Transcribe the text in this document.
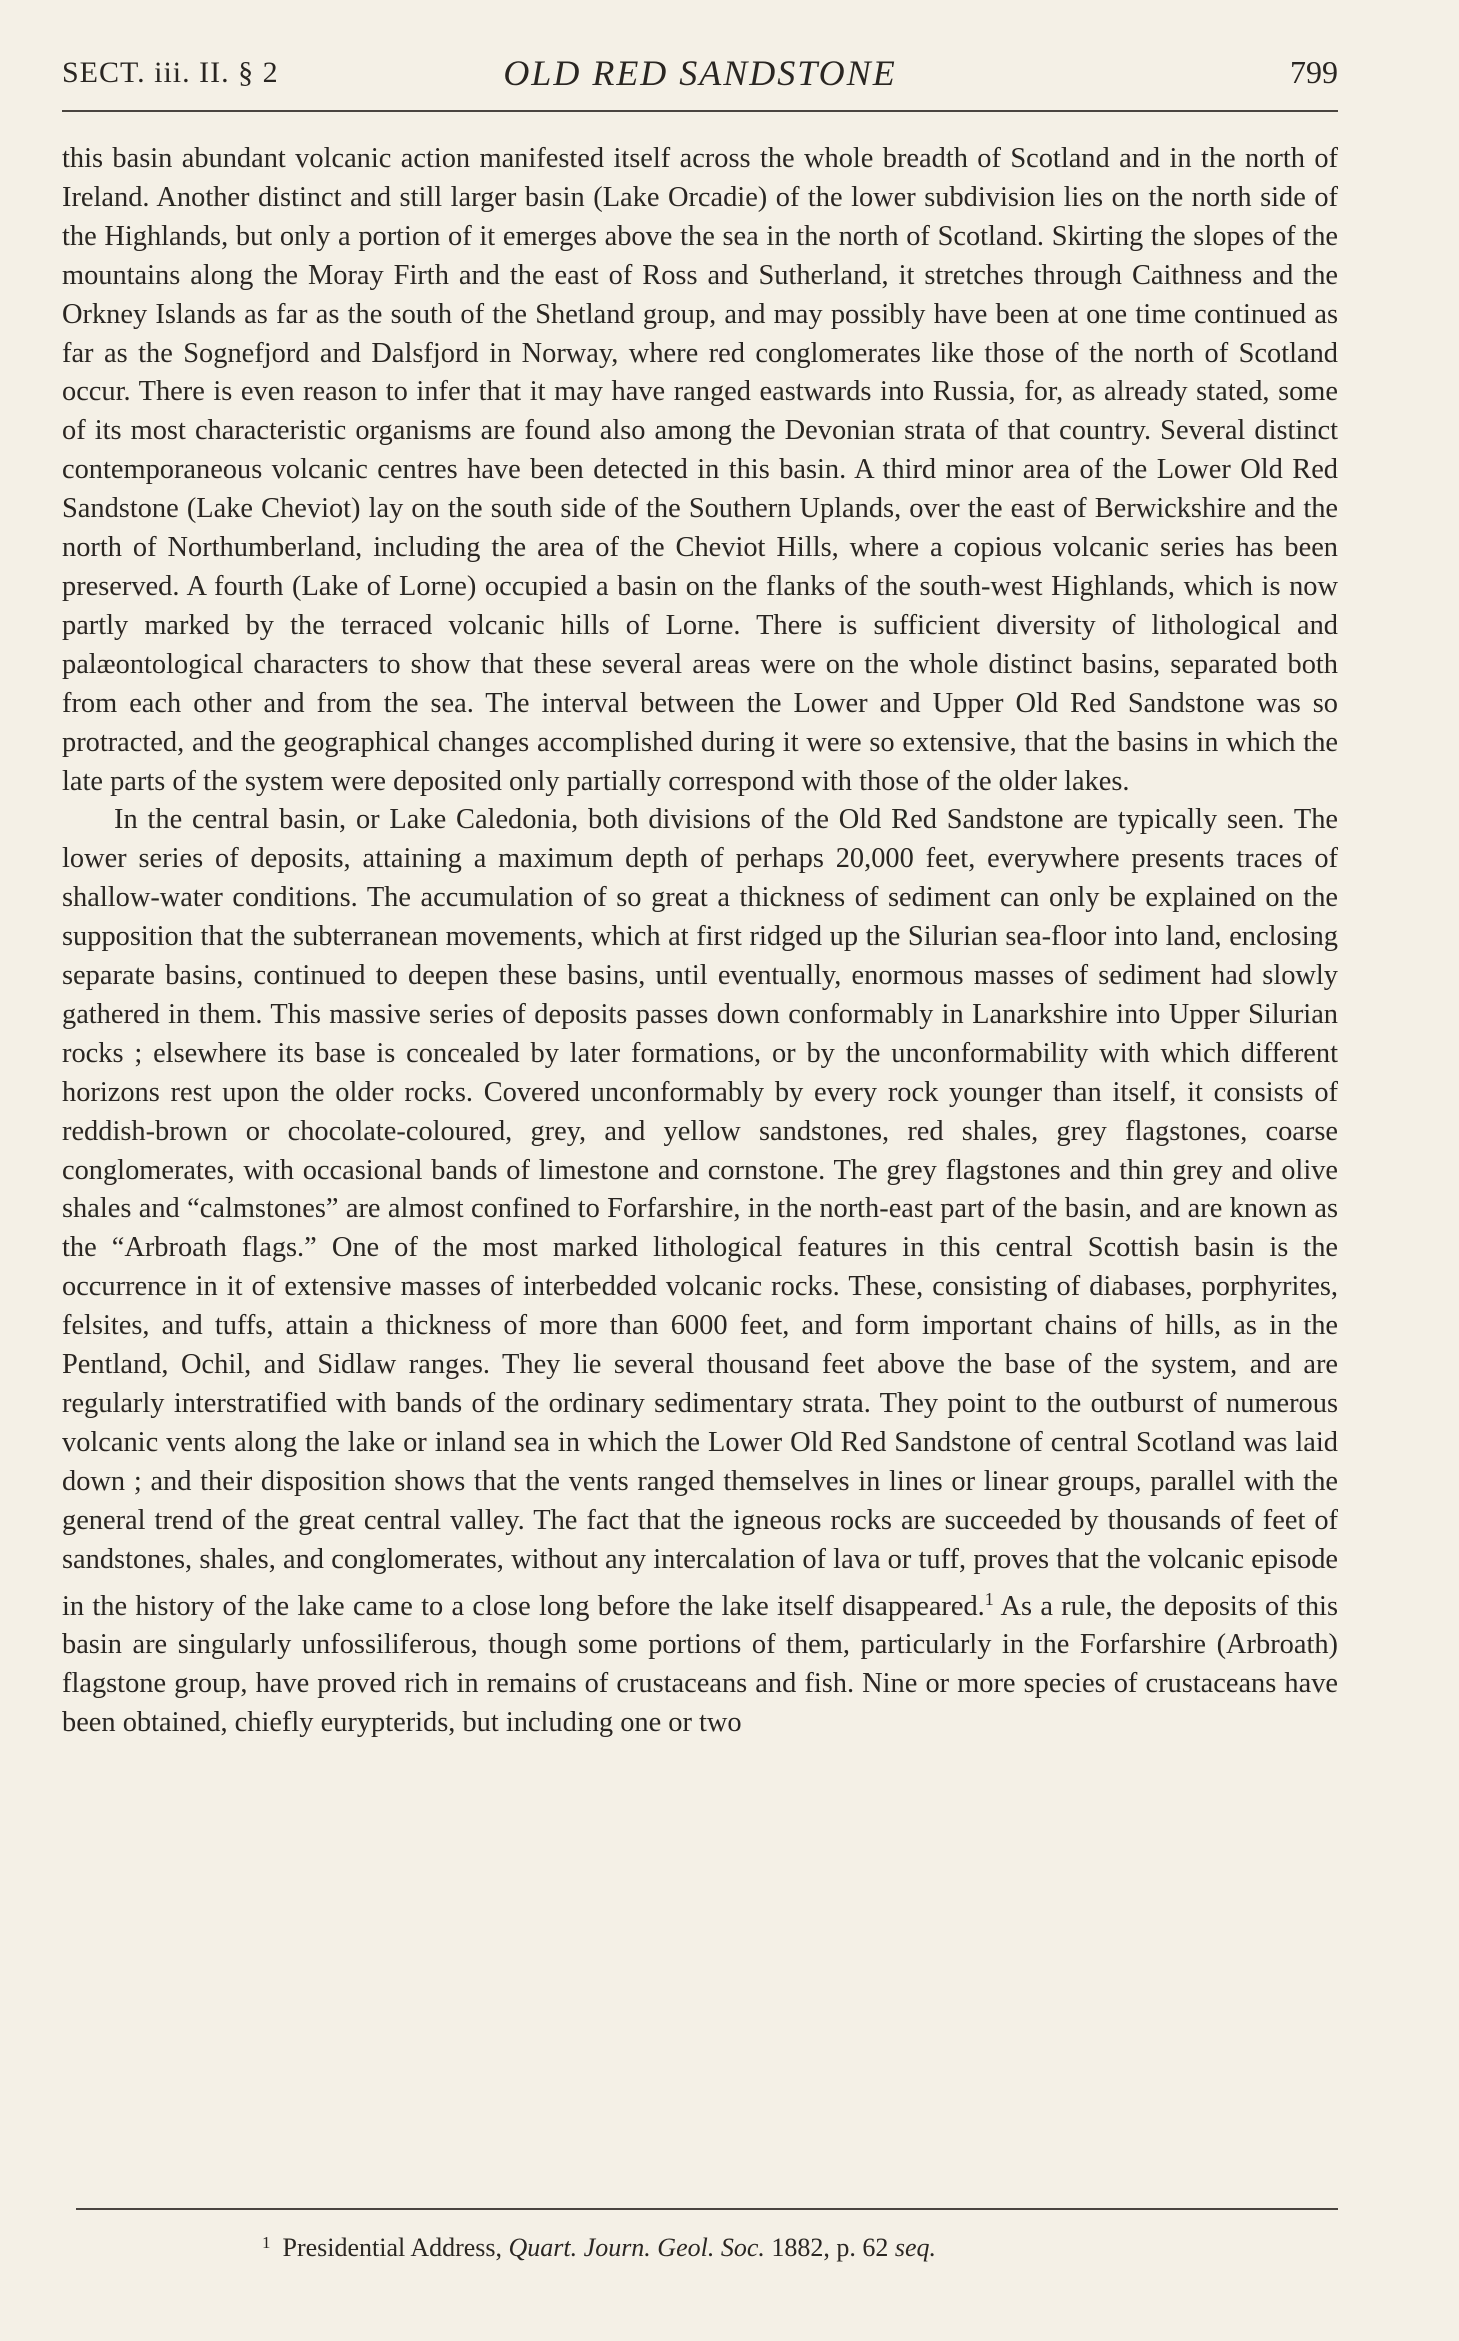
SECT. iii. II. § 2	OLD RED SANDSTONE	799

this basin abundant volcanic action manifested itself across the whole breadth of Scotland and in the north of Ireland. Another distinct and still larger basin (Lake Orcadie) of the lower subdivision lies on the north side of the Highlands, but only a portion of it emerges above the sea in the north of Scotland. Skirting the slopes of the mountains along the Moray Firth and the east of Ross and Sutherland, it stretches through Caithness and the Orkney Islands as far as the south of the Shetland group, and may possibly have been at one time continued as far as the Sognefjord and Dalsfjord in Norway, where red conglomerates like those of the north of Scotland occur. There is even reason to infer that it may have ranged eastwards into Russia, for, as already stated, some of its most characteristic organisms are found also among the Devonian strata of that country. Several distinct contemporaneous volcanic centres have been detected in this basin. A third minor area of the Lower Old Red Sandstone (Lake Cheviot) lay on the south side of the Southern Uplands, over the east of Berwickshire and the north of Northumberland, including the area of the Cheviot Hills, where a copious volcanic series has been preserved. A fourth (Lake of Lorne) occupied a basin on the flanks of the south-west Highlands, which is now partly marked by the terraced volcanic hills of Lorne. There is sufficient diversity of lithological and palæontological characters to show that these several areas were on the whole distinct basins, separated both from each other and from the sea. The interval between the Lower and Upper Old Red Sandstone was so protracted, and the geographical changes accomplished during it were so extensive, that the basins in which the late parts of the system were deposited only partially correspond with those of the older lakes.

In the central basin, or Lake Caledonia, both divisions of the Old Red Sandstone are typically seen. The lower series of deposits, attaining a maximum depth of perhaps 20,000 feet, everywhere presents traces of shallow-water conditions. The accumulation of so great a thickness of sediment can only be explained on the supposition that the subterranean movements, which at first ridged up the Silurian sea-floor into land, enclosing separate basins, continued to deepen these basins, until eventually, enormous masses of sediment had slowly gathered in them. This massive series of deposits passes down conformably in Lanarkshire into Upper Silurian rocks ; elsewhere its base is concealed by later formations, or by the unconformability with which different horizons rest upon the older rocks. Covered unconformably by every rock younger than itself, it consists of reddish-brown or chocolate-coloured, grey, and yellow sandstones, red shales, grey flagstones, coarse conglomerates, with occasional bands of limestone and cornstone. The grey flagstones and thin grey and olive shales and “calmstones” are almost confined to Forfarshire, in the north-east part of the basin, and are known as the “Arbroath flags.” One of the most marked lithological features in this central Scottish basin is the occurrence in it of extensive masses of interbedded volcanic rocks. These, consisting of diabases, porphyrites, felsites, and tuffs, attain a thickness of more than 6000 feet, and form important chains of hills, as in the Pentland, Ochil, and Sidlaw ranges. They lie several thousand feet above the base of the system, and are regularly interstratified with bands of the ordinary sedimentary strata. They point to the outburst of numerous volcanic vents along the lake or inland sea in which the Lower Old Red Sandstone of central Scotland was laid down ; and their disposition shows that the vents ranged themselves in lines or linear groups, parallel with the general trend of the great central valley. The fact that the igneous rocks are succeeded by thousands of feet of sandstones, shales, and conglomerates, without any intercalation of lava or tuff, proves that the volcanic episode in the history of the lake came to a close long before the lake itself disappeared.$^1$ As a rule, the deposits of this basin are singularly unfossiliferous, though some portions of them, particularly in the Forfarshire (Arbroath) flagstone group, have proved rich in remains of crustaceans and fish. Nine or more species of crustaceans have been obtained, chiefly eurypterids, but including one or two

$^1$ Presidential Address, Quart. Journ. Geol. Soc. 1882, p. 62 seq.
